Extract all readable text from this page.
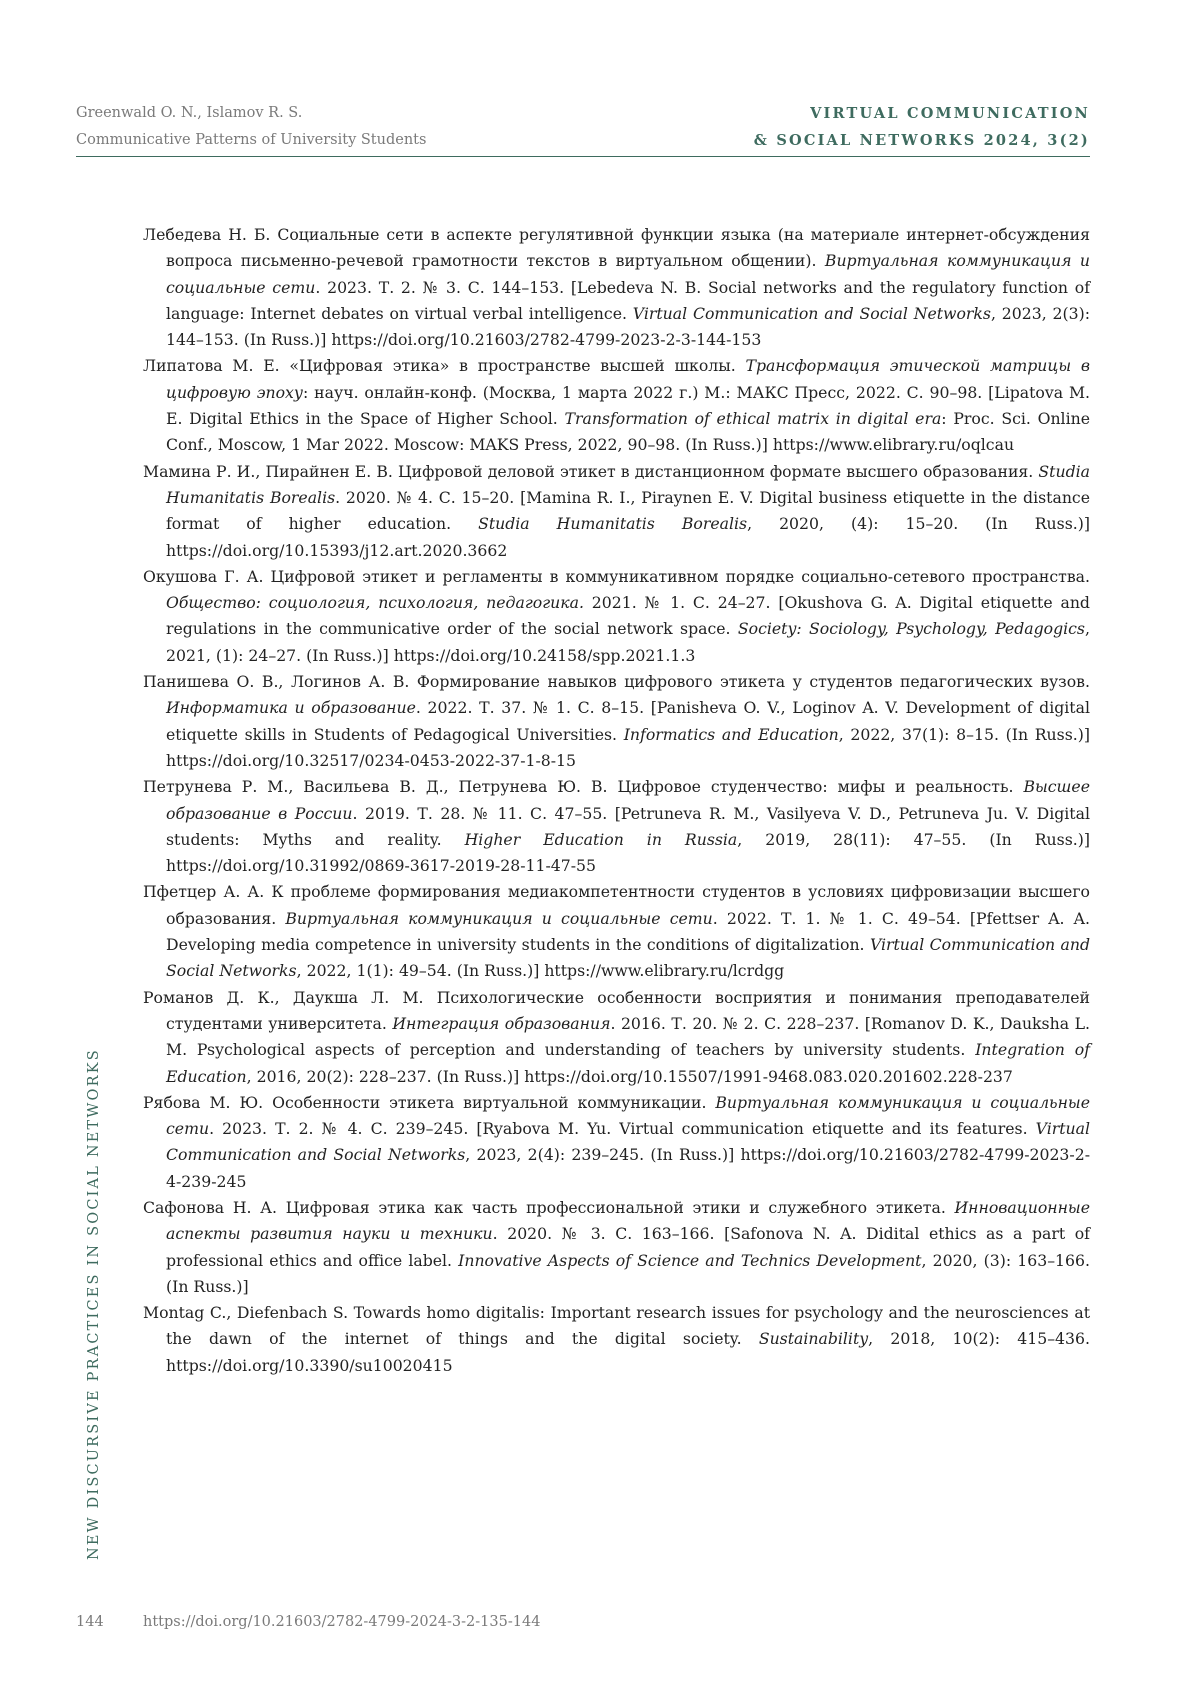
Greenwald O. N., Islamov R. S.
Communicative Patterns of University Students
VIRTUAL COMMUNICATION
& SOCIAL NETWORKS 2024, 3(2)
Лебедева Н. Б. Социальные сети в аспекте регулятивной функции языка (на материале интернет-обсуждения вопроса письменно-речевой грамотности текстов в виртуальном общении). Виртуальная коммуникация и социальные сети. 2023. Т. 2. № 3. С. 144–153. [Lebedeva N. B. Social networks and the regulatory function of language: Internet debates on virtual verbal intelligence. Virtual Communication and Social Networks, 2023, 2(3): 144–153. (In Russ.)] https://doi.org/10.21603/2782-4799-2023-2-3-144-153
Липатова М. Е. «Цифровая этика» в пространстве высшей школы. Трансформация этической матрицы в цифровую эпоху: науч. онлайн-конф. (Москва, 1 марта 2022 г.) М.: МАКС Пресс, 2022. С. 90–98. [Lipatova M. E. Digital Ethics in the Space of Higher School. Transformation of ethical matrix in digital era: Proc. Sci. Online Conf., Moscow, 1 Mar 2022. Moscow: MAKS Press, 2022, 90–98. (In Russ.)] https://www.elibrary.ru/oqlcau
Мамина Р. И., Пирайнен Е. В. Цифровой деловой этикет в дистанционном формате высшего образования. Studia Humanitatis Borealis. 2020. № 4. С. 15–20. [Mamina R. I., Piraynen E. V. Digital business etiquette in the distance format of higher education. Studia Humanitatis Borealis, 2020, (4): 15–20. (In Russ.)] https://doi.org/10.15393/j12.art.2020.3662
Окушова Г. А. Цифровой этикет и регламенты в коммуникативном порядке социально-сетевого пространства. Общество: социология, психология, педагогика. 2021. № 1. С. 24–27. [Okushova G. A. Digital etiquette and regulations in the communicative order of the social network space. Society: Sociology, Psychology, Pedagogics, 2021, (1): 24–27. (In Russ.)] https://doi.org/10.24158/spp.2021.1.3
Панишева О. В., Логинов А. В. Формирование навыков цифрового этикета у студентов педагогических вузов. Информатика и образование. 2022. Т. 37. № 1. С. 8–15. [Panisheva O. V., Loginov A. V. Development of digital etiquette skills in Students of Pedagogical Universities. Informatics and Education, 2022, 37(1): 8–15. (In Russ.)] https://doi.org/10.32517/0234-0453-2022-37-1-8-15
Петрунева Р. М., Васильева В. Д., Петрунева Ю. В. Цифровое студенчество: мифы и реальность. Высшее образование в России. 2019. Т. 28. № 11. С. 47–55. [Petruneva R. M., Vasilyeva V. D., Petruneva Ju. V. Digital students: Myths and reality. Higher Education in Russia, 2019, 28(11): 47–55. (In Russ.)] https://doi.org/10.31992/0869-3617-2019-28-11-47-55
Пфетцер А. А. К проблеме формирования медиакомпетентности студентов в условиях цифровизации высшего образования. Виртуальная коммуникация и социальные сети. 2022. Т. 1. № 1. С. 49–54. [Pfettser A. A. Developing media competence in university students in the conditions of digitalization. Virtual Communication and Social Networks, 2022, 1(1): 49–54. (In Russ.)] https://www.elibrary.ru/lcrdgg
Романов Д. К., Даукша Л. М. Психологические особенности восприятия и понимания преподавателей студентами университета. Интеграция образования. 2016. Т. 20. № 2. С. 228–237. [Romanov D. K., Dauksha L. M. Psychological aspects of perception and understanding of teachers by university students. Integration of Education, 2016, 20(2): 228–237. (In Russ.)] https://doi.org/10.15507/1991-9468.083.020.201602.228-237
Рябова М. Ю. Особенности этикета виртуальной коммуникации. Виртуальная коммуникация и социальные сети. 2023. Т. 2. № 4. С. 239–245. [Ryabova M. Yu. Virtual communication etiquette and its features. Virtual Communication and Social Networks, 2023, 2(4): 239–245. (In Russ.)] https://doi.org/10.21603/2782-4799-2023-2-4-239-245
Сафонова Н. А. Цифровая этика как часть профессиональной этики и служебного этикета. Инновационные аспекты развития науки и техники. 2020. № 3. С. 163–166. [Safonova N. A. Didital ethics as a part of professional ethics and office label. Innovative Aspects of Science and Technics Development, 2020, (3): 163–166. (In Russ.)]
Montag C., Diefenbach S. Towards homo digitalis: Important research issues for psychology and the neurosciences at the dawn of the internet of things and the digital society. Sustainability, 2018, 10(2): 415–436. https://doi.org/10.3390/su10020415
NEW DISCURSIVE PRACTICES IN SOCIAL NETWORKS
144	https://doi.org/10.21603/2782-4799-2024-3-2-135-144
